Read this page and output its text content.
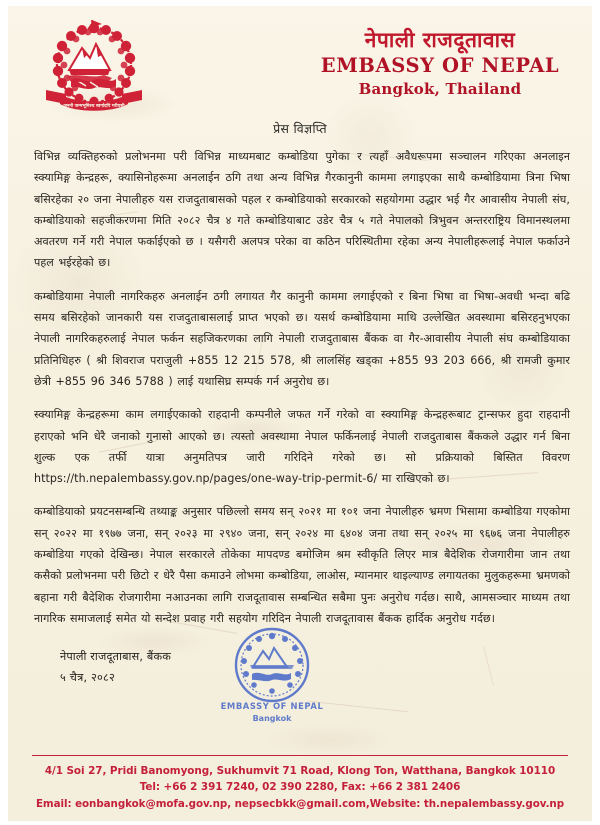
जननी जन्मभूमिश्च स्वर्गादपि गरीयसी
नेपाली राजदूतावास
EMBASSY OF NEPAL
Bangkok, Thailand
प्रेस विज्ञप्ति

विभिन्न व्यक्तिहरुको प्रलोभनमा परी विभिन्न माध्यमबाट कम्बोडिया पुगेका र त्यहाँ अवैधरूपमा सञ्चालन गरिएका अनलाइन स्क्यामिङ्ग केन्द्रहरू, क्यासिनोहरूमा अनलाईन ठगि तथा अन्य विभिन्न गैरकानुनी काममा लगाइएका साथै कम्बोडियामा त्रिना भिषा बसिरहेका २० जना नेपालीहरु यस राजदुताबासको पहल र कम्बोडियाको सरकारको सहयोगमा उद्धार भई गैर आवासीय नेपाली संघ, कम्बोडियाको सहजीकरणमा मिति २०८२ चैत्र ४ गते कम्बोडियाबाट उडेर चैत्र ५ गते नेपालको त्रिभुवन अन्तरराष्ट्रिय विमानस्थलमा अवतरण गर्ने गरी नेपाल फर्काईएको छ । यसैगरी अलपत्र परेका वा कठिन परिस्थितीमा रहेका अन्य नेपालीहरूलाई नेपाल फर्काउने पहल भईरहेको छ।

कम्बोडियामा नेपाली नागरिकहरु अनलाईन ठगी लगायत गैर कानुनी काममा लगाईएको र बिना भिषा वा भिषा-अवधी भन्दा बढि समय बसिरहेको जानकारी यस राजदुताबासलाई प्राप्त भएको छ। यसर्थ कम्बोडियामा माथि उल्लेखित अवस्थामा बसिरहनुभएका नेपाली नागरिकहरुलाई नेपाल फर्कन सहजिकरणका लागि नेपाली राजदुताबास बैंकक वा गैर-आवासीय नेपाली संघ कम्बोडियाका प्रतिनिधिहरु ( श्री शिवराज पराजुली +855 12 215 578, श्री लालसिंह खड्का +855 93 203 666, श्री रामजी कुमार छेत्री +855 96 346 5788 ) लाई यथासिघ्र सम्पर्क गर्न अनुरोध छ।

स्क्यामिङ्ग केन्द्रहरूमा काम लगाईएकाको राहदानी कम्पनीले जफत गर्ने गरेको वा स्क्यामिङ्ग केन्द्रहरूबाट ट्रान्सफर हुदा राहदानी हराएको भनि धेरै जनाको गुनासो आएको छ। त्यस्तो अवस्थामा नेपाल फर्किनलाई नेपाली राजदुताबास बैंककले उद्धार गर्न बिना शुल्क एक तर्फी यात्रा अनुमतिपत्र जारी गरिदिने गरेको छ। सो प्रक्रियाको बिस्तित विवरण https://th.nepalembassy.gov.np/pages/one-way-trip-permit-6/ मा राखिएको छ।

कम्बोडियाको प्रयटनसम्बन्धि तथ्याङ्क अनुसार पछिल्लो समय सन् २०२१ मा १०१ जना नेपालीहरु भ्रमण भिसामा कम्बोडिया गएकोमा सन् २०२२ मा १९७७ जना, सन् २०२३ मा २९४० जना, सन् २०२४ मा ६४०४ जना तथा सन् २०२५ मा ९६७६ जना नेपालीहरु कम्बोडिया गएको देखिन्छ। नेपाल सरकारले तोकेका मापदण्ड बमोजिम श्रम स्वीकृति लिएर मात्र बैदेशिक रोजगारीमा जान तथा कसैको प्रलोभनमा परी छिटो र धेरै पैसा कमाउने लोभमा कम्बोडिया, लाओस, म्यानमार थाइल्याण्ड लगायतका मुलुकहरूमा भ्रमणको बहाना गरी बैदेशिक रोजगारीमा नआउनका लागि राजदूतावास सम्बन्धित सबैमा पुनः अनुरोध गर्दछ। साथै, आमसञ्चार माध्यम तथा नागरिक समाजलाई समेत यो सन्देश प्रवाह गरी सहयोग गरिदिन नेपाली राजदूतावास बैंकक हार्दिक अनुरोध गर्दछ।

नेपाली राजदूताबास, बैंकक
५ चैत्र, २०८२
EMBASSY OF NEPAL
Bangkok
4/1 Soi 27, Pridi Banomyong, Sukhumvit 71 Road, Klong Ton, Watthana, Bangkok 10110
Tel: +66 2 391 7240, 02 390 2280, Fax: +66 2 381 2406
Email: eonbangkok@mofa.gov.np, nepsecbkk@gmail.com,Website: th.nepalembassy.gov.np
